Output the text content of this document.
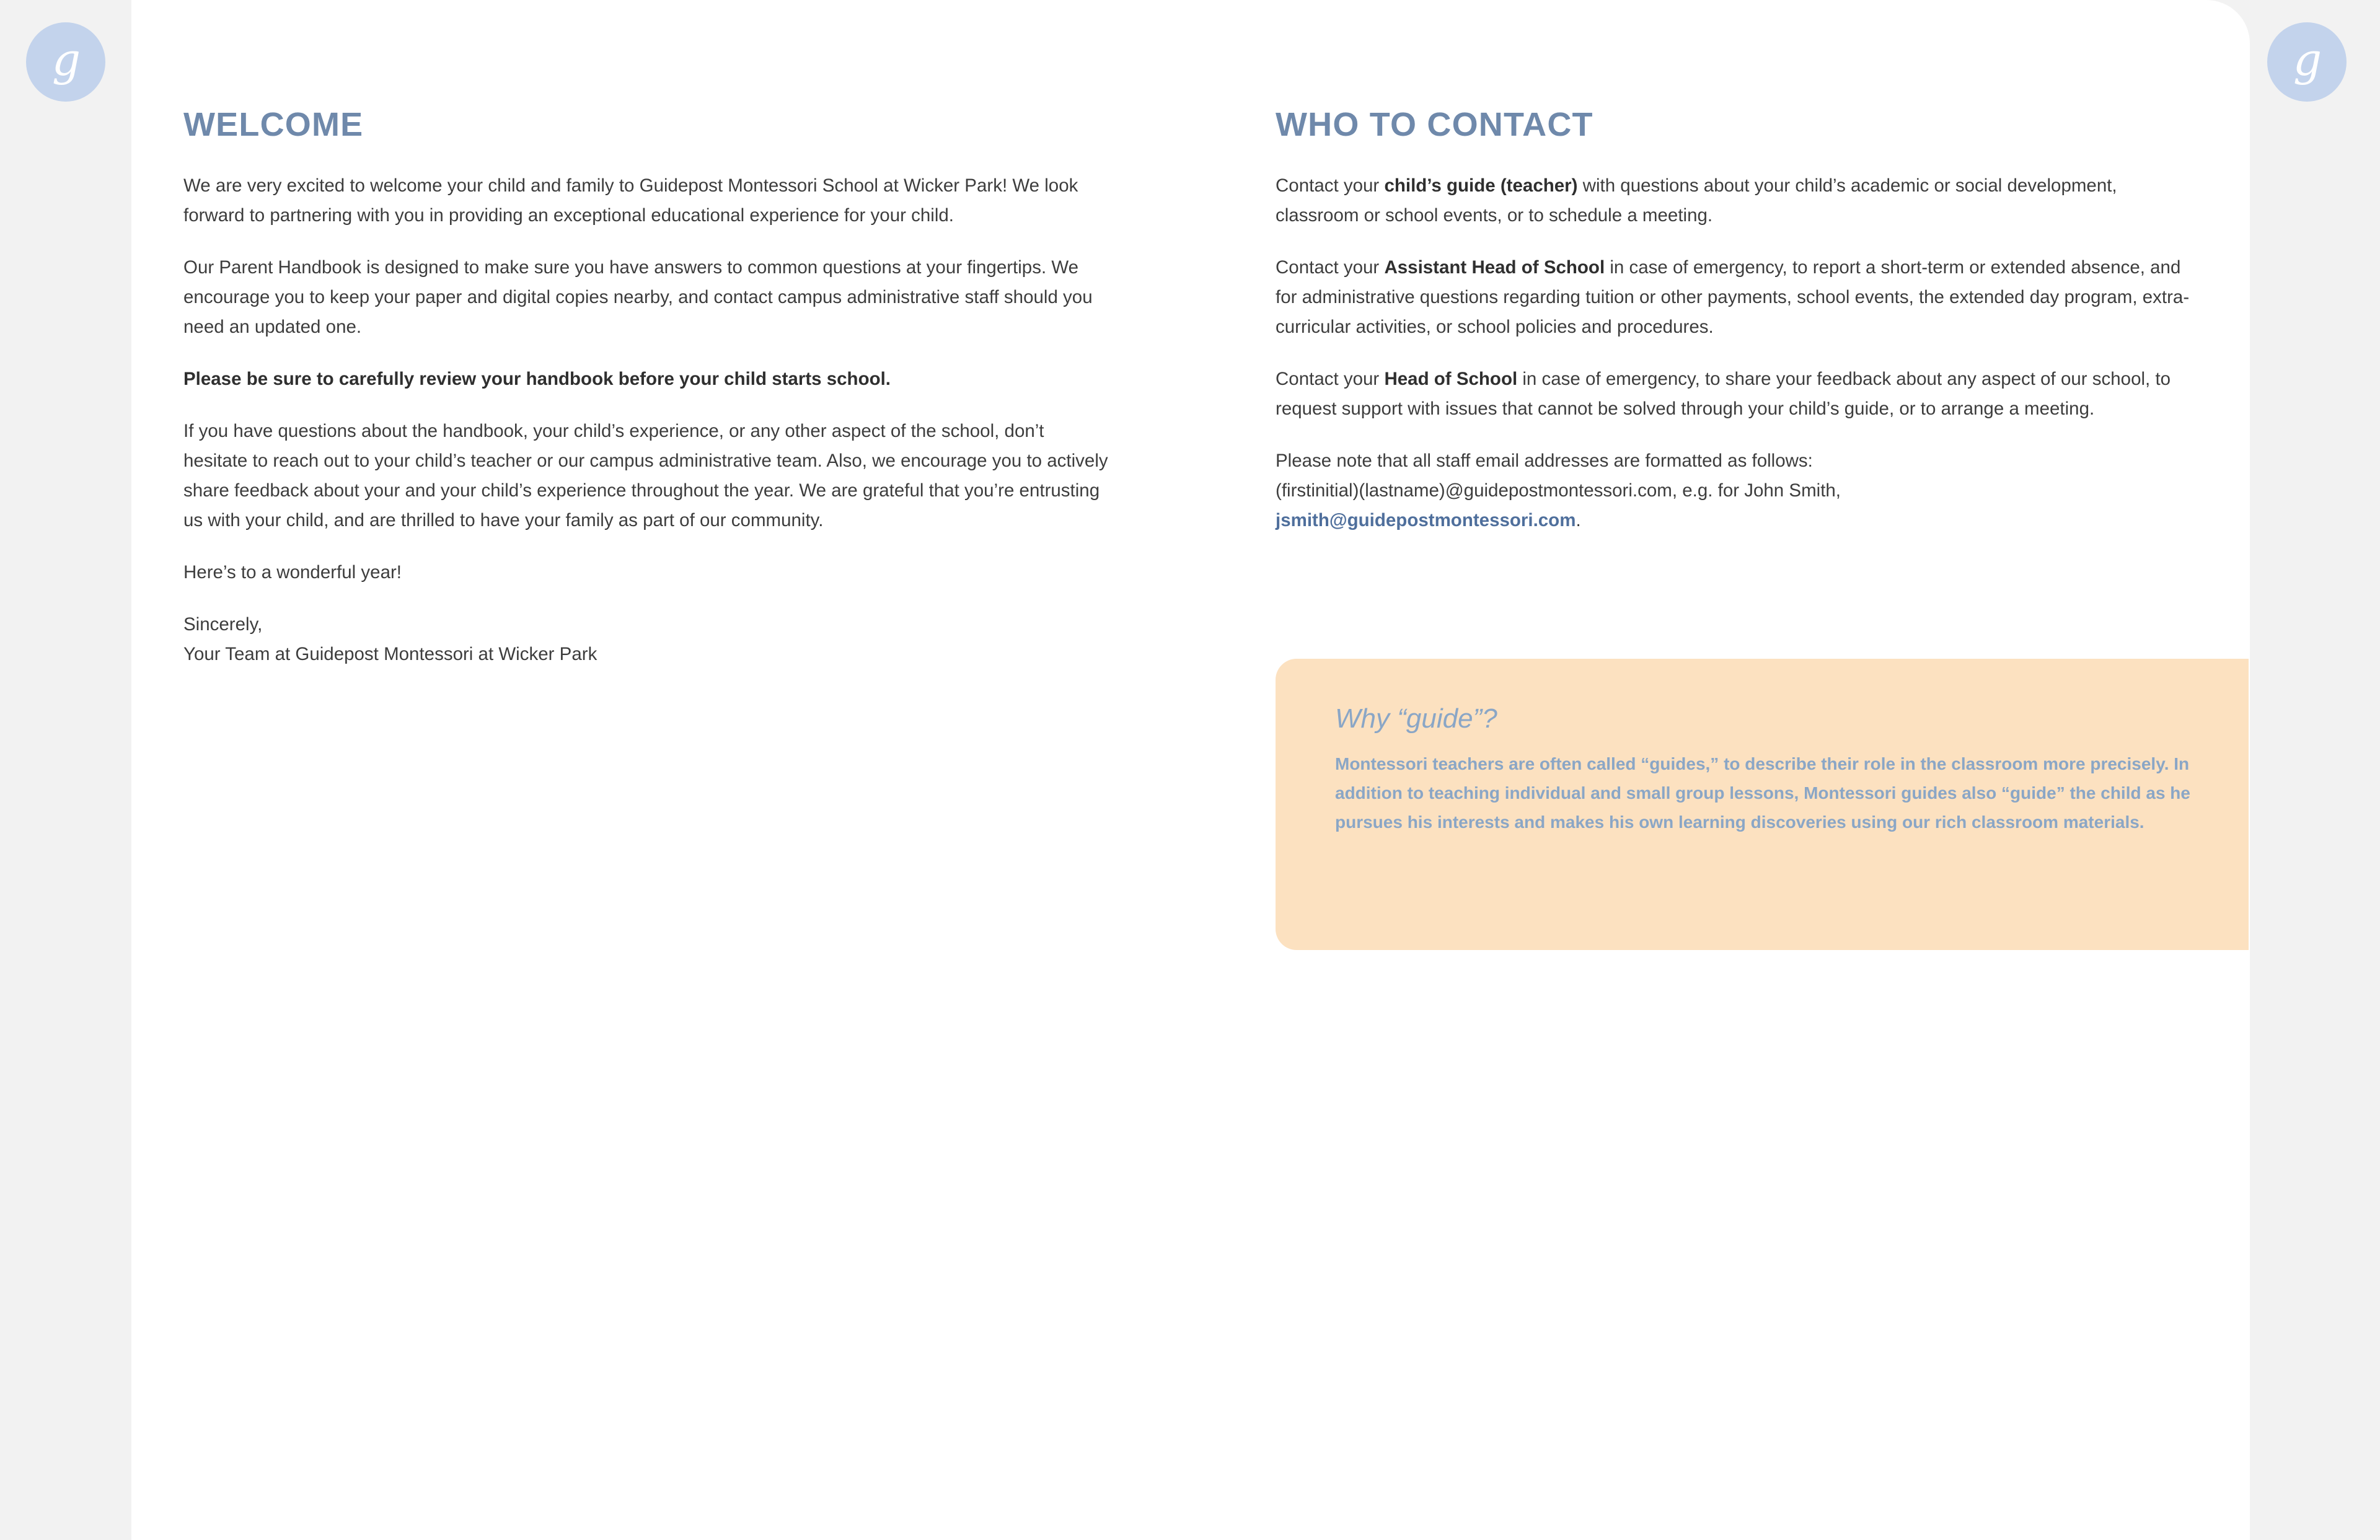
g	g
WELCOME

We are very excited to welcome your child and family to Guidepost Montessori School at Wicker Park! We look forward to partnering with you in providing an exceptional educational experience for your child.

Our Parent Handbook is designed to make sure you have answers to common questions at your fingertips. We encourage you to keep your paper and digital copies nearby, and contact campus administrative staff should you need an updated one.

Please be sure to carefully review your handbook before your child starts school.

If you have questions about the handbook, your child’s experience, or any other aspect of the school, don’t hesitate to reach out to your child’s teacher or our campus administrative team. Also, we encourage you to actively share feedback about your and your child’s experience throughout the year. We are grateful that you’re entrusting us with your child, and are thrilled to have your family as part of our community.

Here’s to a wonderful year!

Sincerely,
Your Team at Guidepost Montessori at Wicker Park

WHO TO CONTACT

Contact your child’s guide (teacher) with questions about your child’s academic or social development, classroom or school events, or to schedule a meeting.

Contact your Assistant Head of School in case of emergency, to report a short-term or extended absence, and for administrative questions regarding tuition or other payments, school events, the extended day program, extra-curricular activities, or school policies and procedures.

Contact your Head of School in case of emergency, to share your feedback about any aspect of our school, to request support with issues that cannot be solved through your child’s guide, or to arrange a meeting.

Please note that all staff email addresses are formatted as follows:
(firstinitial)(lastname)@guidepostmontessori.com, e.g. for John Smith,
jsmith@guidepostmontessori.com.

Why “guide”?

Montessori teachers are often called “guides,” to describe their role in the classroom more precisely. In addition to teaching individual and small group lessons, Montessori guides also “guide” the child as he pursues his interests and makes his own learning discoveries using our rich classroom materials.
